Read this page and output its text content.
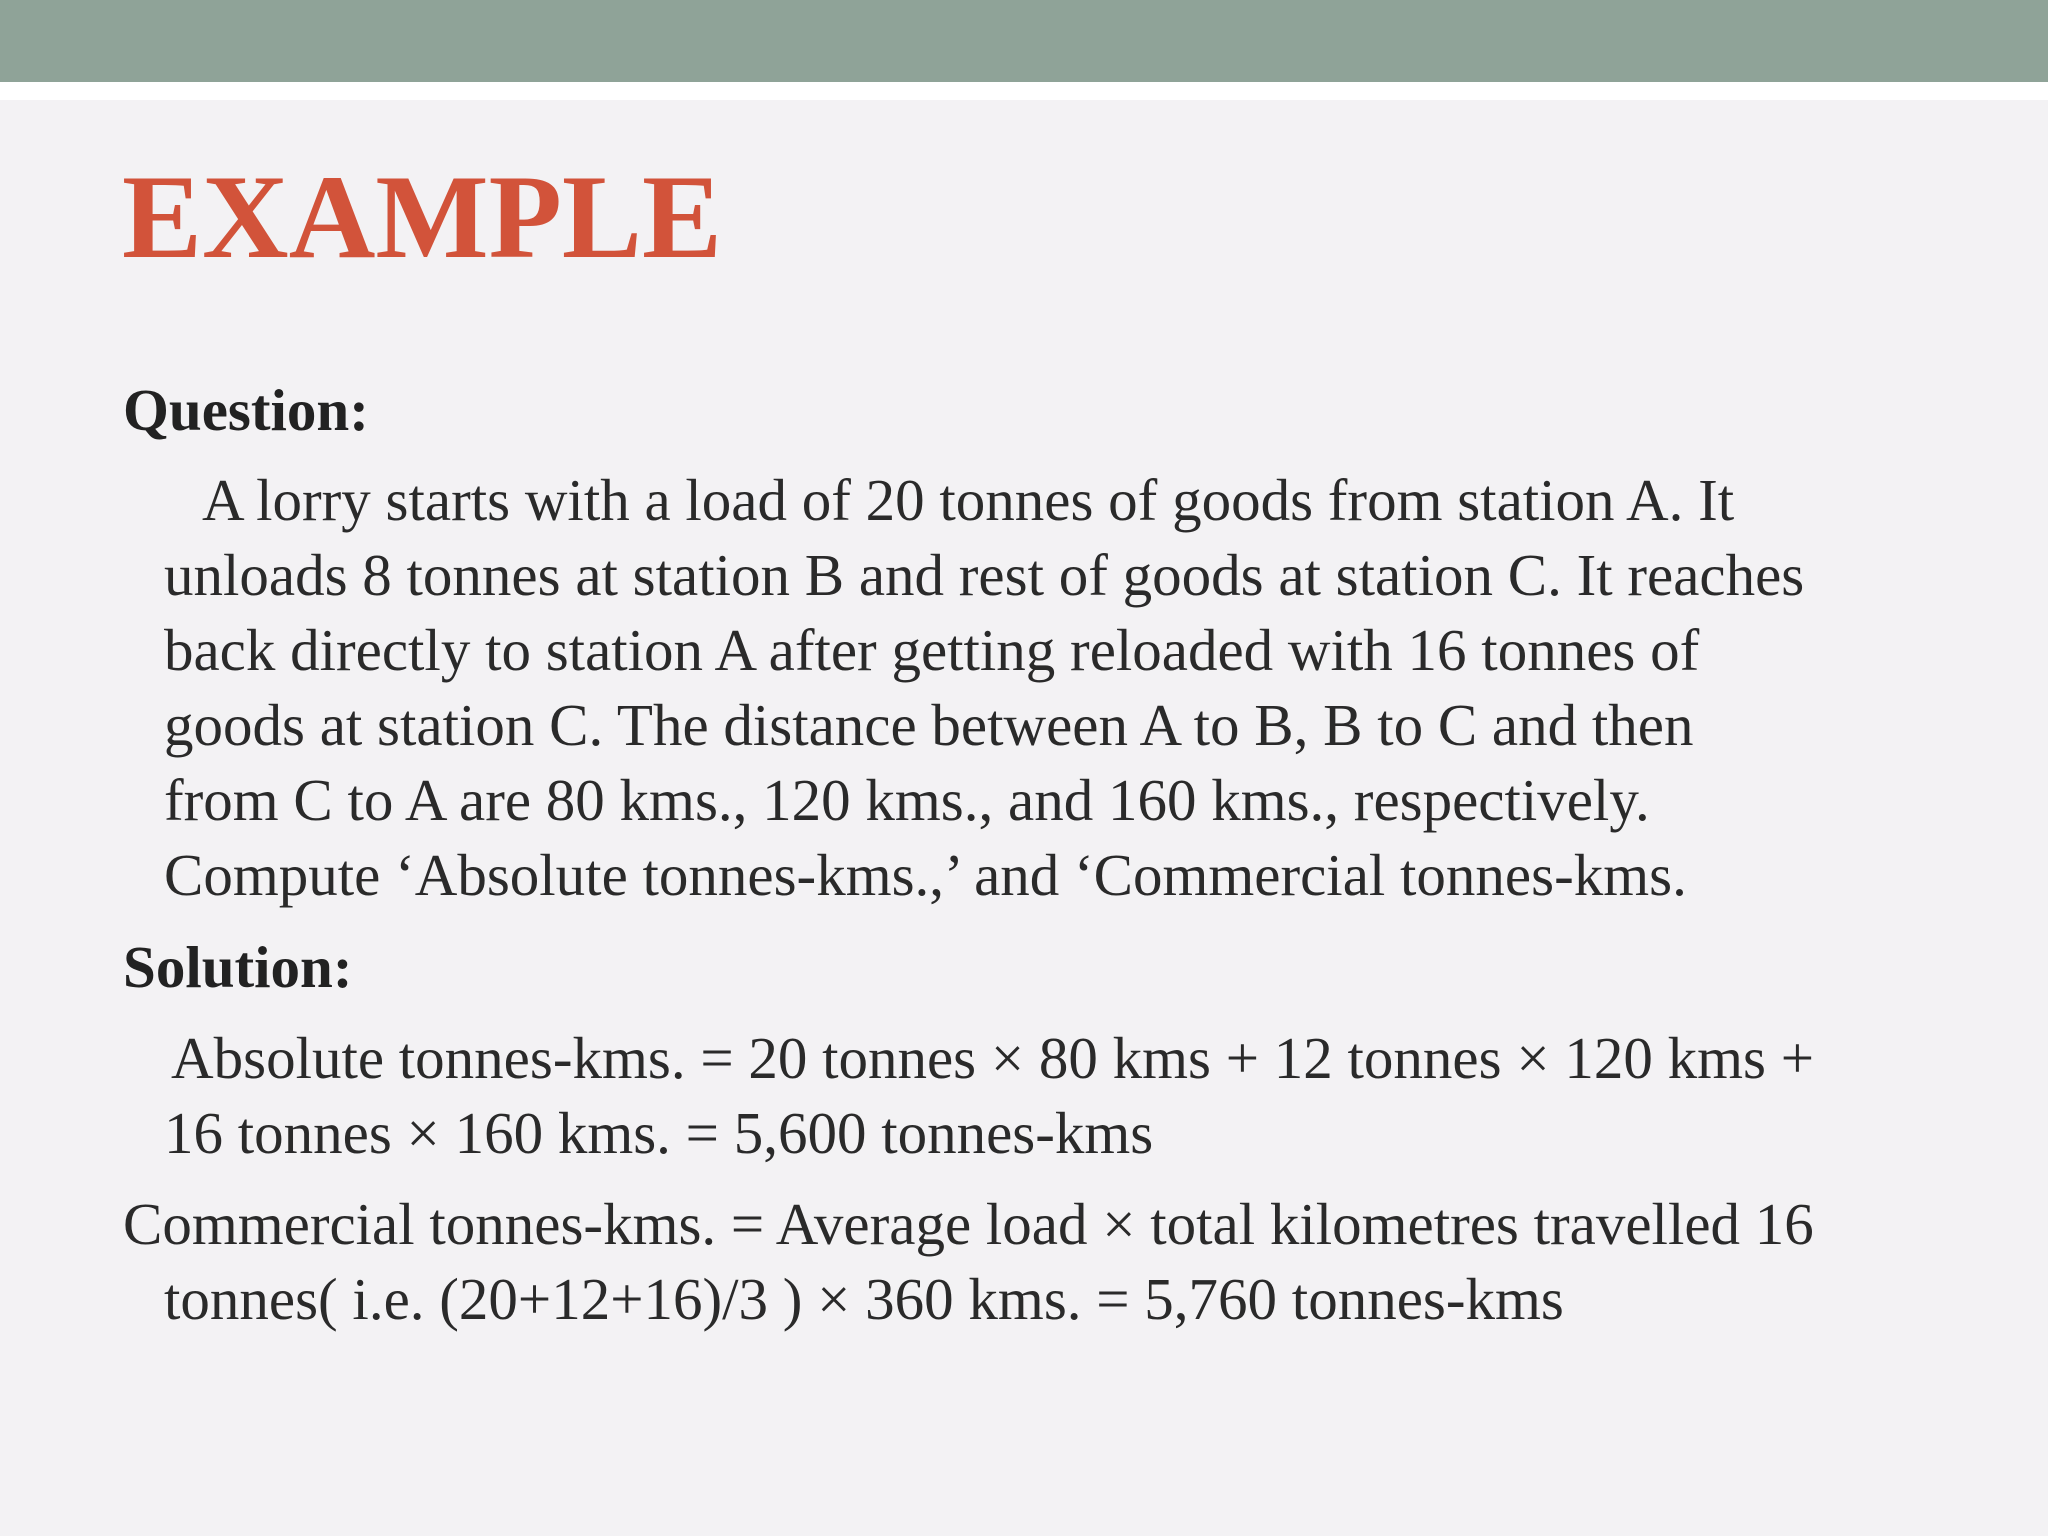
EXAMPLE
Question:

A lorry starts with a load of 20 tonnes of goods from station A. It

unloads 8 tonnes at station B and rest of goods at station C. It reaches

back directly to station A after getting reloaded with 16 tonnes of

goods at station C. The distance between A to B, B to C and then

from C to A are 80 kms., 120 kms., and 160 kms., respectively.

Compute ‘Absolute tonnes-kms.,’ and ‘Commercial tonnes-kms.

Solution:

Absolute tonnes-kms. = 20 tonnes × 80 kms + 12 tonnes × 120 kms +

16 tonnes × 160 kms. = 5,600 tonnes-kms

Commercial tonnes-kms. = Average load × total kilometres travelled 16

tonnes( i.e. (20+12+16)/3 ) × 360 kms. = 5,760 tonnes-kms
